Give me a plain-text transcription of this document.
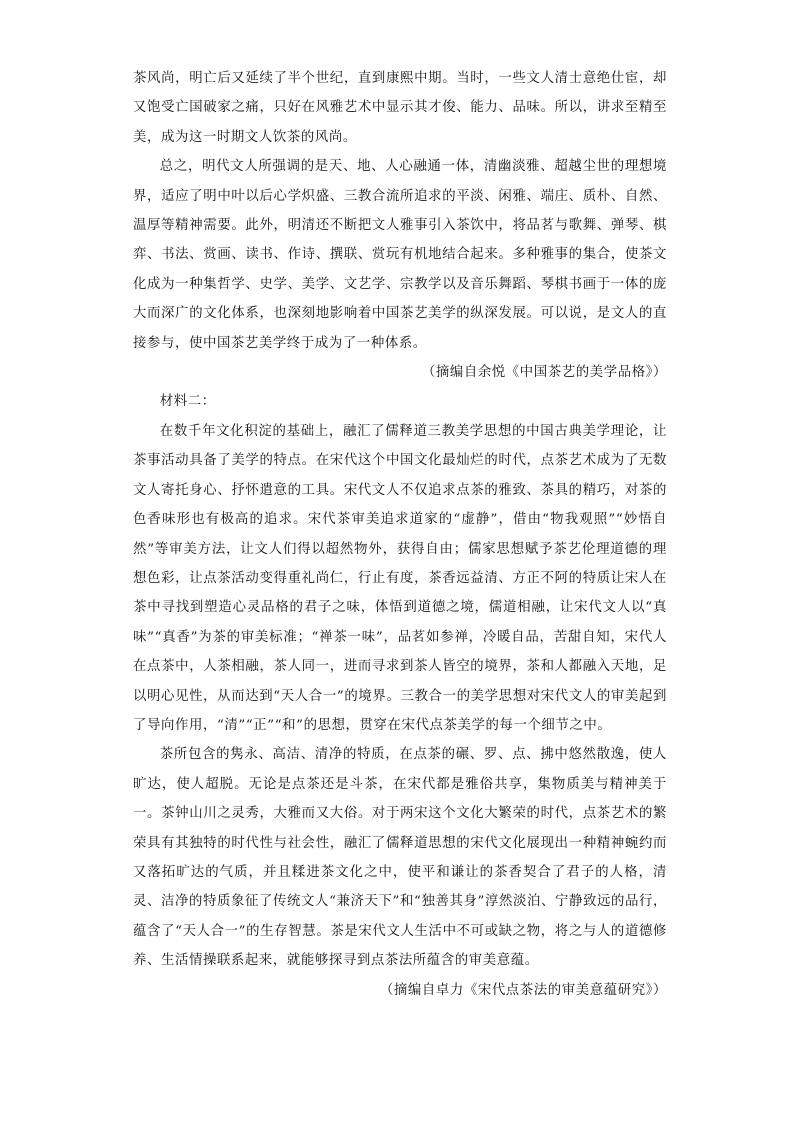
茶风尚，明亡后又延续了半个世纪，直到康熙中期。当时，一些文人清士意绝仕宦，却又饱受亡国破家之痛，只好在风雅艺术中显示其才俊、能力、品味。所以，讲求至精至美，成为这一时期文人饮茶的风尚。

总之，明代文人所强调的是天、地、人心融通一体，清幽淡雅、超越尘世的理想境界，适应了明中叶以后心学炽盛、三教合流所追求的平淡、闲雅、端庄、质朴、自然、温厚等精神需要。此外，明清还不断把文人雅事引入茶饮中，将品茗与歌舞、弹琴、棋弈、书法、赏画、读书、作诗、撰联、赏玩有机地结合起来。多种雅事的集合，使茶文化成为一种集哲学、史学、美学、文艺学、宗教学以及音乐舞蹈、琴棋书画于一体的庞大而深广的文化体系，也深刻地影响着中国茶艺美学的纵深发展。可以说，是文人的直接参与，使中国茶艺美学终于成为了一种体系。

（摘编自余悦《中国茶艺的美学品格》）

材料二：

在数千年文化积淀的基础上，融汇了儒释道三教美学思想的中国古典美学理论，让茶事活动具备了美学的特点。在宋代这个中国文化最灿烂的时代，点茶艺术成为了无数文人寄托身心、抒怀遣意的工具。宋代文人不仅追求点茶的雅致、茶具的精巧，对茶的色香味形也有极高的追求。宋代茶审美追求道家的“虚静”，借由“物我观照”“妙悟自然”等审美方法，让文人们得以超然物外，获得自由；儒家思想赋予茶艺伦理道德的理想色彩，让点茶活动变得重礼尚仁，行止有度，茶香远益清、方正不阿的特质让宋人在茶中寻找到塑造心灵品格的君子之味，体悟到道德之境，儒道相融，让宋代文人以“真味”“真香”为茶的审美标准；“禅茶一味”，品茗如参禅，冷暖自品，苦甜自知，宋代人在点茶中，人茶相融，茶人同一，进而寻求到茶人皆空的境界，茶和人都融入天地，足以明心见性，从而达到“天人合一”的境界。三教合一的美学思想对宋代文人的审美起到了导向作用，“清”“正”“和”的思想，贯穿在宋代点茶美学的每一个细节之中。

茶所包含的隽永、高洁、清净的特质，在点茶的碾、罗、点、拂中悠然散逸，使人旷达，使人超脱。无论是点茶还是斗茶，在宋代都是雅俗共享，集物质美与精神美于一。茶钟山川之灵秀，大雅而又大俗。对于两宋这个文化大繁荣的时代，点茶艺术的繁荣具有其独特的时代性与社会性，融汇了儒释道思想的宋代文化展现出一种精神蜿约而又落拓旷达的气质，并且糅进茶文化之中，使平和谦让的茶香契合了君子的人格，清灵、洁净的特质象征了传统文人“兼济天下”和“独善其身”淳然淡泊、宁静致远的品行，蕴含了“天人合一”的生存智慧。茶是宋代文人生活中不可或缺之物，将之与人的道德修养、生活情操联系起来，就能够探寻到点茶法所蕴含的审美意蕴。

（摘编自卓力《宋代点茶法的审美意蕴研究》）
